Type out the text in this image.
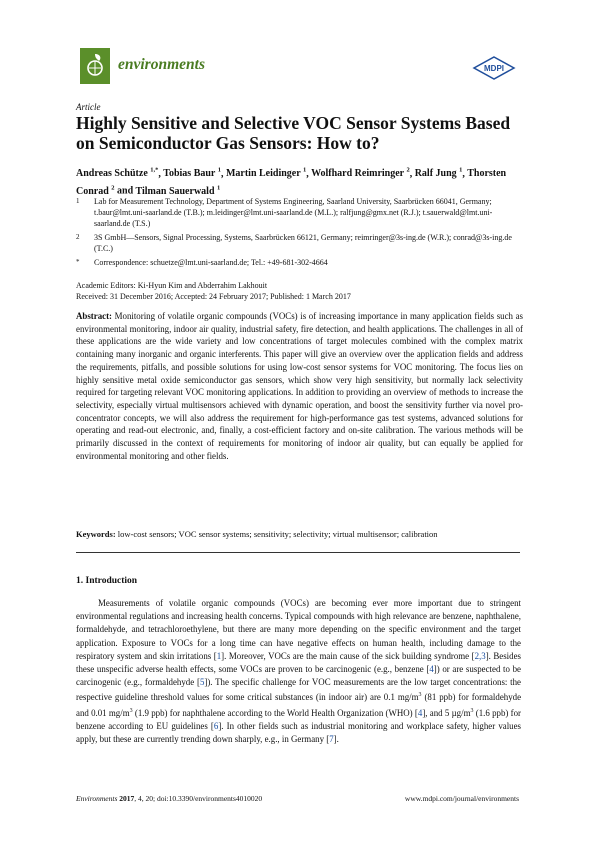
environments	MDPI
Article
Highly Sensitive and Selective VOC Sensor Systems Based on Semiconductor Gas Sensors: How to?
Andreas Schütze $^{1,*}$, Tobias Baur $^1$, Martin Leidinger $^1$, Wolfhard Reimringer $^2$, Ralf Jung $^1$, Thorsten Conrad $^2$ and Tilman Sauerwald $^1$
1 Lab for Measurement Technology, Department of Systems Engineering, Saarland University, Saarbrücken 66041, Germany; t.baur@lmt.uni-saarland.de (T.B.); m.leidinger@lmt.uni-saarland.de (M.L.); ralfjung@gmx.net (R.J.); t.sauerwald@lmt.uni-saarland.de (T.S.)
2 3S GmbH—Sensors, Signal Processing, Systems, Saarbrücken 66121, Germany; reimringer@3s-ing.de (W.R.); conrad@3s-ing.de (T.C.)
* Correspondence: schuetze@lmt.uni-saarland.de; Tel.: +49-681-302-4664
Academic Editors: Ki-Hyun Kim and Abderrahim Lakhouit
Received: 31 December 2016; Accepted: 24 February 2017; Published: 1 March 2017

Abstract: Monitoring of volatile organic compounds (VOCs) is of increasing importance in many application fields such as environmental monitoring, indoor air quality, industrial safety, fire detection, and health applications. The challenges in all of these applications are the wide variety and low concentrations of target molecules combined with the complex matrix containing many inorganic and organic interferents. This paper will give an overview over the application fields and address the requirements, pitfalls, and possible solutions for using low-cost sensor systems for VOC monitoring. The focus lies on highly sensitive metal oxide semiconductor gas sensors, which show very high sensitivity, but normally lack selectivity required for targeting relevant VOC monitoring applications. In addition to providing an overview of methods to increase the selectivity, especially virtual multisensors achieved with dynamic operation, and boost the sensitivity further via novel pro-concentrator concepts, we will also address the requirement for high-performance gas test systems, advanced solutions for operating and read-out electronic, and, finally, a cost-efficient factory and on-site calibration. The various methods will be primarily discussed in the context of requirements for monitoring of indoor air quality, but can equally be applied for environmental monitoring and other fields.

Keywords: low-cost sensors; VOC sensor systems; sensitivity; selectivity; virtual multisensor; calibration
1. Introduction

Measurements of volatile organic compounds (VOCs) are becoming ever more important due to stringent environmental regulations and increasing health concerns. Typical compounds with high relevance are benzene, naphthalene, formaldehyde, and tetrachloroethylene, but there are many more depending on the specific environment and the target application. Exposure to VOCs for a long time can have negative effects on human health, including damage to the respiratory system and skin irritations [1]. Moreover, VOCs are the main cause of the sick building syndrome [2,3]. Besides these unspecific adverse health effects, some VOCs are proven to be carcinogenic (e.g., benzene [4]) or are suspected to be carcinogenic (e.g., formaldehyde [5]). The specific challenge for VOC measurements are the low target concentrations: the respective guideline threshold values for some critical substances (in indoor air) are 0.1 $mg/m^3$ (81 ppb) for formaldehyde and 0.01 $mg/m^3$ (1.9 ppb) for naphthalene according to the World Health Organization (WHO) [4], and 5 $\mu g/m^3$ (1.6 ppb) for benzene according to EU guidelines [6]. In other fields such as industrial monitoring and workplace safety, higher values apply, but these are currently trending down sharply, e.g., in Germany [7].

Environments 2017, 4, 20; doi:10.3390/environments4010020	www.mdpi.com/journal/environments
